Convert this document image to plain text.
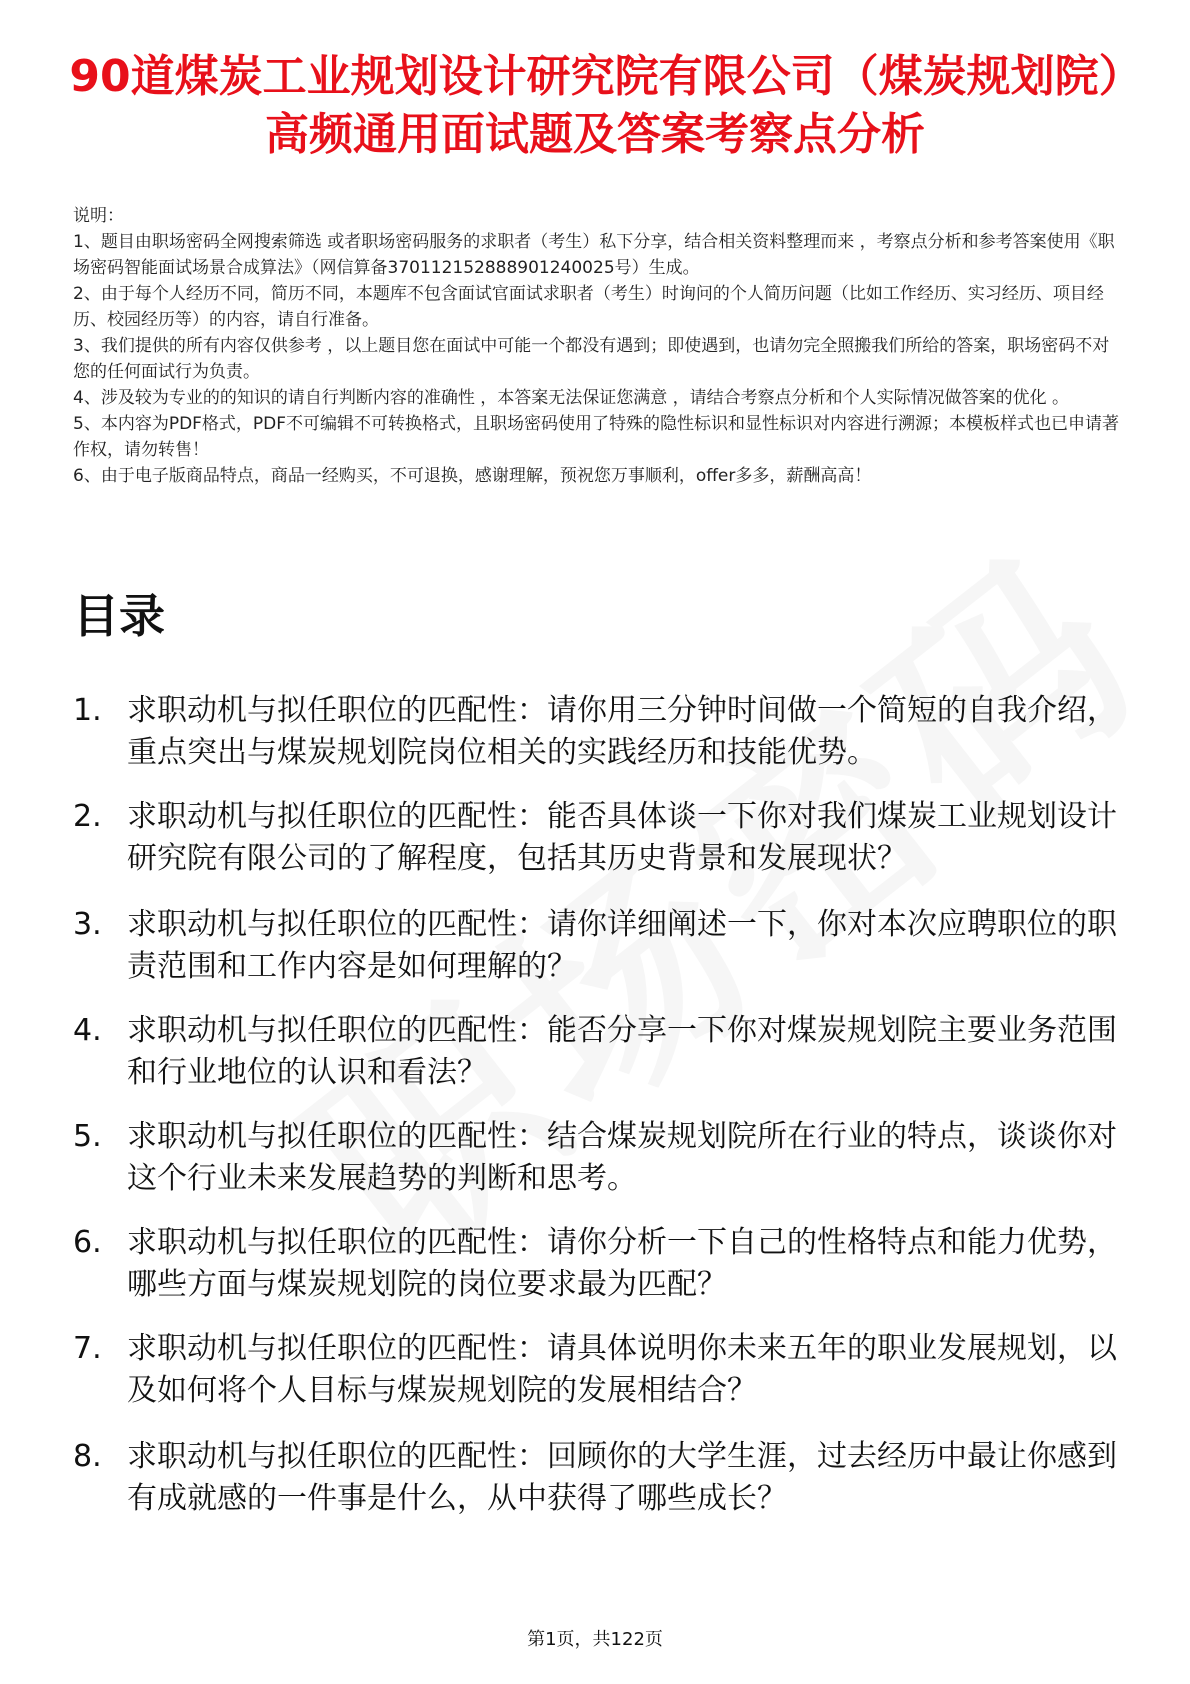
90道煤炭工业规划设计研究院有限公司（煤炭规划院）高频通用面试题及答案考察点分析

说明：

1、题目由职场密码全网搜索筛选 或者职场密码服务的求职者（考生）私下分享，结合相关资料整理而来 ，考察点分析和参考答案使用《职场密码智能面试场景合成算法》（网信算备370112152888901240025号）生成。

2、由于每个人经历不同，简历不同，本题库不包含面试官面试求职者（考生）时询问的个人简历问题（比如工作经历、实习经历、项目经历、校园经历等）的内容，请自行准备。

3、我们提供的所有内容仅供参考 ，以上题目您在面试中可能一个都没有遇到；即使遇到，也请勿完全照搬我们所给的答案，职场密码不对您的任何面试行为负责。

4、涉及较为专业的的知识的请自行判断内容的准确性 ，本答案无法保证您满意 ，请结合考察点分析和个人实际情况做答案的优化 。

5、本内容为PDF格式，PDF不可编辑不可转换格式，且职场密码使用了特殊的隐性标识和显性标识对内容进行溯源；本模板样式也已申请著作权，请勿转售！

6、由于电子版商品特点，商品一经购买，不可退换，感谢理解，预祝您万事顺利，offer多多，薪酬高高！

目录
1. 求职动机与拟任职位的匹配性：请你用三分钟时间做一个简短的自我介绍，重点突出与煤炭规划院岗位相关的实践经历和技能优势。
2. 求职动机与拟任职位的匹配性：能否具体谈一下你对我们煤炭工业规划设计研究院有限公司的了解程度，包括其历史背景和发展现状？
3. 求职动机与拟任职位的匹配性：请你详细阐述一下，你对本次应聘职位的职责范围和工作内容是如何理解的？
4. 求职动机与拟任职位的匹配性：能否分享一下你对煤炭规划院主要业务范围和行业地位的认识和看法？
5. 求职动机与拟任职位的匹配性：结合煤炭规划院所在行业的特点，谈谈你对这个行业未来发展趋势的判断和思考。
6. 求职动机与拟任职位的匹配性：请你分析一下自己的性格特点和能力优势，哪些方面与煤炭规划院的岗位要求最为匹配？
7. 求职动机与拟任职位的匹配性：请具体说明你未来五年的职业发展规划，以及如何将个人目标与煤炭规划院的发展相结合？
8. 求职动机与拟任职位的匹配性：回顾你的大学生涯，过去经历中最让你感到有成就感的一件事是什么，从中获得了哪些成长？
第1页，共122页
